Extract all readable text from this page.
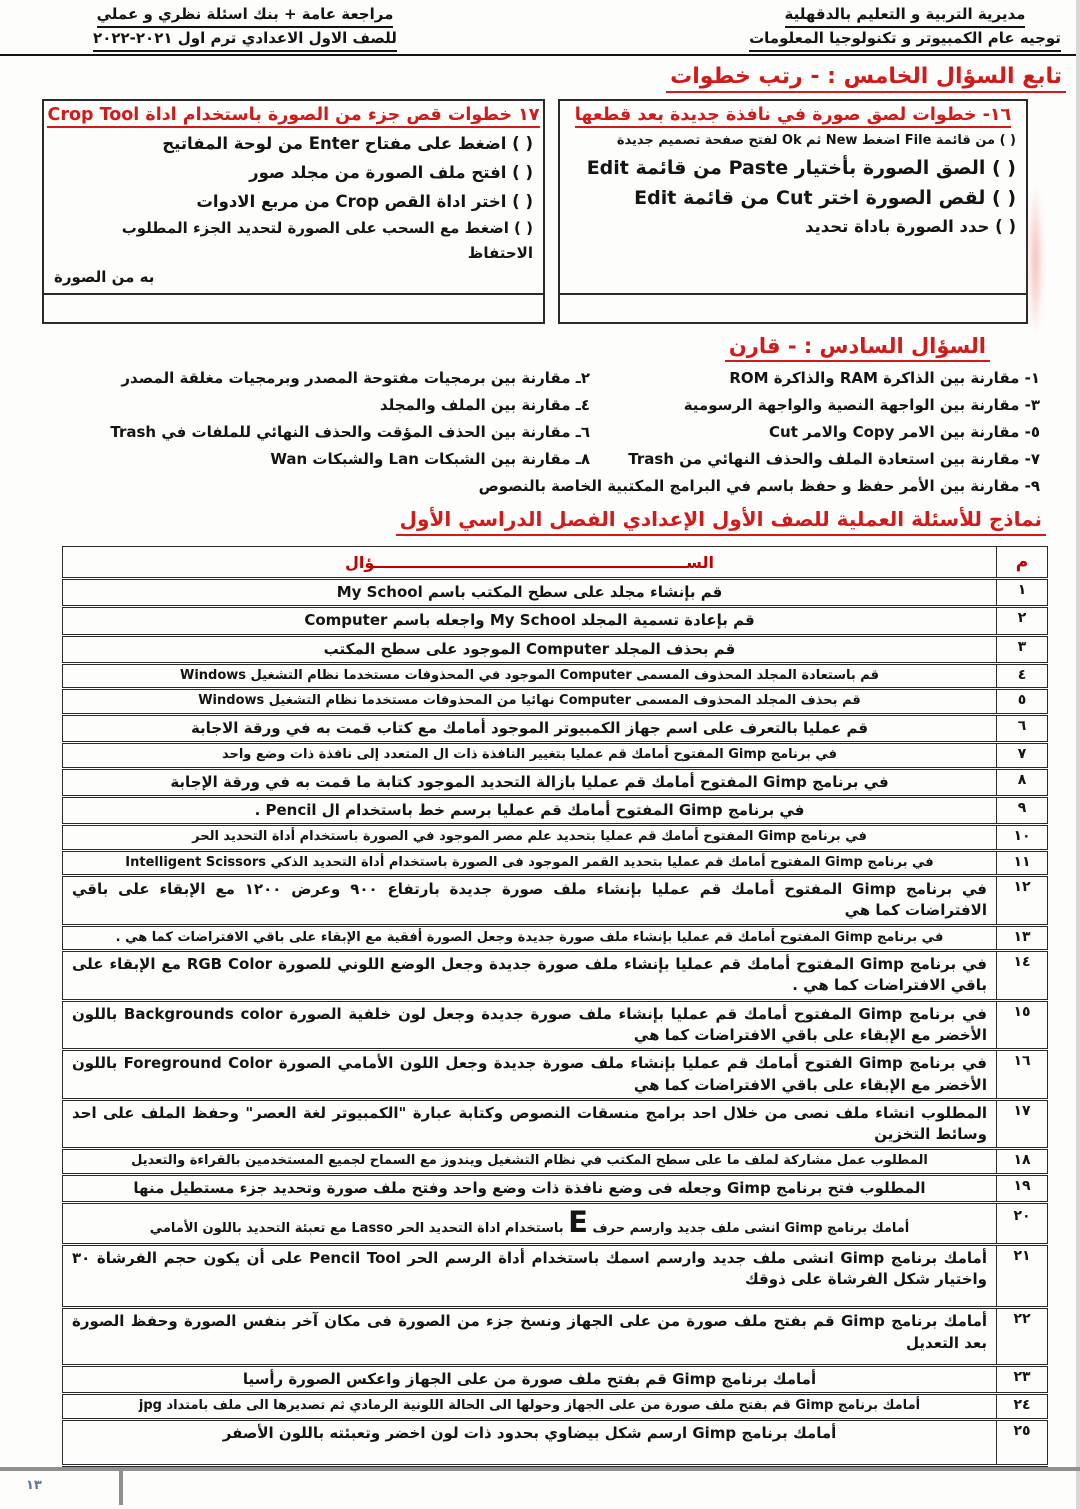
مديرية التربية و التعليم بالدقهلية
توجيه عام الكمبيوتر و تكنولوجيا المعلومات
مراجعة عامة + بنك اسئلة نظري و عملي
للصف الاول الاعدادي ترم اول ٢٠٢١-٢٠٢٢
تابع السؤال الخامس : - رتب خطوات
١٦- خطوات لصق صورة في نافذة جديدة بعد قطعها
( ) من قائمة File اضغط New ثم Ok لفتح صفحة تصميم جديدة
( ) الصق الصورة بأختيار Paste من قائمة Edit
( ) لقص الصورة اختر Cut من قائمة Edit
( ) حدد الصورة باداة تحديد
١٧ خطوات قص جزء من الصورة باستخدام اداة Crop Tool
( ) اضغط على مفتاح Enter من لوحة المفاتيح
( ) افتح ملف الصورة من مجلد صور
( ) اختر اداة القص Crop من مربع الادوات
( ) اضغط مع السحب على الصورة لتحديد الجزء المطلوب الاحتفاظ
به من الصورة
السؤال السادس : - قارن
١- مقارنة بين الذاكرة RAM والذاكرة ROM
٢ـ مقارنة بين برمجيات مفتوحة المصدر وبرمجيات مغلقة المصدر
٣- مقارنة بين الواجهة النصية والواجهة الرسومية
٤ـ مقارنة بين الملف والمجلد
٥- مقارنة بين الامر Copy والامر Cut
٦ـ مقارنة بين الحذف المؤقت والحذف النهائي للملفات في Trash
٧- مقارنة بين استعادة الملف والحذف النهائي من Trash
٨ـ مقارنة بين الشبكات Lan والشبكات Wan
٩- مقارنة بين الأمر حفظ و حفظ باسم في البرامج المكتبية الخاصة بالنصوص
نماذج للأسئلة العملية للصف الأول الإعدادي الفصل الدراسي الأول
م	الســـــــــــــــــــــــــــــــــــــــــــــــــــــــــؤال
١	قم بإنشاء مجلد على سطح المكتب باسم My School
٢	قم بإعادة تسمية المجلد My School واجعله باسم Computer
٣	قم بحذف المجلد Computer الموجود على سطح المكتب
٤	قم باستعادة المجلد المحذوف المسمى Computer الموجود في المحذوفات مستخدما نظام التشغيل Windows
٥	قم بحذف المجلد المحذوف المسمى Computer نهائيا من المحذوفات مستخدما نظام التشغيل Windows
٦	قم عمليا بالتعرف على اسم جهاز الكمبيوتر الموجود أمامك مع كتاب قمت به في ورقة الاجابة
٧	في برنامج Gimp المفتوح أمامك قم عمليا بتغيير النافذة ذات ال المتعدد إلى نافذة ذات وضع واحد
٨	في برنامج Gimp المفتوح أمامك قم عمليا بازالة التحديد الموجود كتابة ما قمت به في ورقة الإجابة
٩	في برنامج Gimp المفتوح أمامك قم عمليا برسم خط باستخدام ال Pencil .
١٠	في برنامج Gimp المفتوح أمامك قم عمليا بتحديد علم مصر الموجود في الصورة باستخدام أداة التحديد الحر
١١	في برنامج Gimp المفتوح أمامك قم عمليا بتحديد القمر الموجود فى الصورة باستخدام أداة التحديد الذكي Intelligent Scissors
١٢	في برنامج Gimp المفتوح أمامك قم عمليا بإنشاء ملف صورة جديدة بارتفاع ٩٠٠ وعرض ١٢٠٠ مع الإبقاء على باقي الافتراضات كما هي
١٣	في برنامج Gimp المفتوح أمامك قم عمليا بإنشاء ملف صورة جديدة وجعل الصورة أفقية مع الإبقاء على باقي الافتراضات كما هي .
١٤	في برنامج Gimp المفتوح أمامك قم عمليا بإنشاء ملف صورة جديدة وجعل الوضع اللوني للصورة RGB Color مع الإبقاء على باقي الافتراضات كما هي .
١٥	في برنامج Gimp المفتوح أمامك قم عمليا بإنشاء ملف صورة جديدة وجعل لون خلفية الصورة Backgrounds color باللون الأخضر مع الإبقاء على باقي الافتراضات كما هي
١٦	في برنامج Gimp الفتوح أمامك قم عمليا بإنشاء ملف صورة جديدة وجعل اللون الأمامي الصورة Foreground Color باللون الأخضر مع الإبقاء على باقي الافتراضات كما هي
١٧	المطلوب انشاء ملف نصى من خلال احد برامج منسقات النصوص وكتابة عبارة "الكمبيوتر لغة العصر" وحفظ الملف على احد وسائط التخزين
١٨	المطلوب عمل مشاركة لملف ما على سطح المكتب في نظام التشغيل ويندوز مع السماح لجميع المستخدمين بالقراءة والتعديل
١٩	المطلوب فتح برنامج Gimp وجعله فى وضع نافذة ذات وضع واحد وفتح ملف صورة وتحديد جزء مستطيل منها
٢٠	أمامك برنامج Gimp انشى ملف جديد وارسم حرف E باستخدام اداة التحديد الحر Lasso مع تعبئة التحديد باللون الأمامي
٢١	أمامك برنامج Gimp انشى ملف جديد وارسم اسمك باستخدام أداة الرسم الحر Pencil Tool على أن يكون حجم الفرشاة ٣٠ واختيار شكل الفرشاة على ذوقك
٢٢	أمامك برنامج Gimp قم بفتح ملف صورة من على الجهاز ونسخ جزء من الصورة فى مكان آخر بنفس الصورة وحفظ الصورة بعد التعديل
٢٣	أمامك برنامج Gimp قم بفتح ملف صورة من على الجهاز واعكس الصورة رأسيا
٢٤	أمامك برنامج Gimp قم بفتح ملف صورة من على الجهاز وحولها الى الحالة اللونية الرمادي ثم تصديرها الى ملف بامتداد jpg
٢٥	أمامك برنامج Gimp ارسم شكل بيضاوي بحدود ذات لون اخضر وتعبئته باللون الأصفر
١٣
